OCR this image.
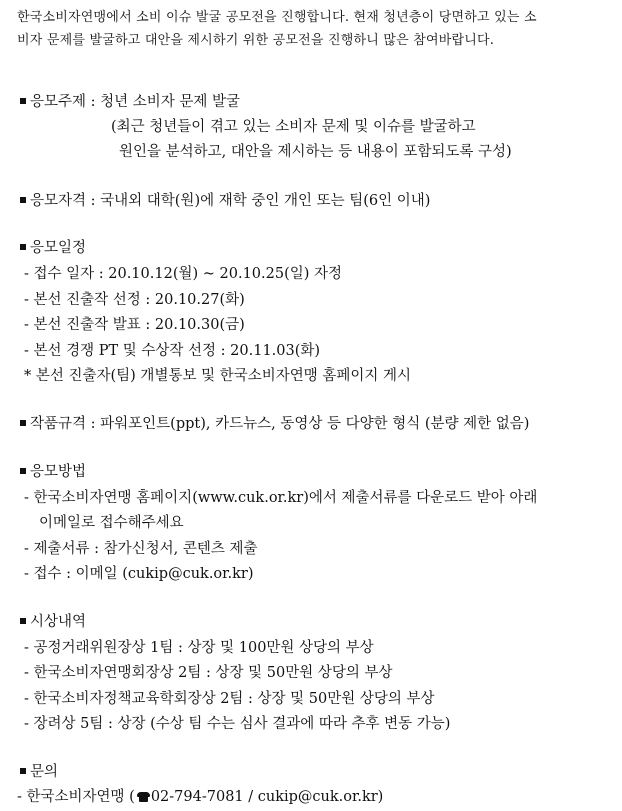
한국소비자연맹에서 소비 이슈 발굴 공모전을 진행합니다. 현재 청년층이 당면하고 있는 소
비자 문제를 발굴하고 대안을 제시하기 위한 공모전을 진행하니 많은 참여바랍니다.
응모주제 : 청년 소비자 문제 발굴
(최근 청년들이 겪고 있는 소비자 문제 및 이슈를 발굴하고
원인을 분석하고, 대안을 제시하는 등 내용이 포함되도록 구성)
응모자격 : 국내외 대학(원)에 재학 중인 개인 또는 팀(6인 이내)
응모일정
- 접수 일자 : 20.10.12(월) ~ 20.10.25(일) 자정
- 본선 진출작 선정 : 20.10.27(화)
- 본선 진출작 발표 : 20.10.30(금)
- 본선 경쟁 PT 및 수상작 선정 : 20.11.03(화)
* 본선 진출자(팀) 개별통보 및 한국소비자연맹 홈페이지 게시
작품규격 : 파워포인트(ppt), 카드뉴스, 동영상 등 다양한 형식 (분량 제한 없음)
응모방법
- 한국소비자연맹 홈페이지(www.cuk.or.kr)에서 제출서류를 다운로드 받아 아래
이메일로 접수해주세요
- 제출서류 : 참가신청서, 콘텐츠 제출
- 접수 : 이메일 (cukip@cuk.or.kr)
시상내역
- 공정거래위원장상 1팀 : 상장 및 100만원 상당의 부상
- 한국소비자연맹회장상 2팀 : 상장 및 50만원 상당의 부상
- 한국소비자정책교육학회장상 2팀 : 상장 및 50만원 상당의 부상
- 장려상 5팀 : 상장 (수상 팀 수는 심사 결과에 따라 추후 변동 가능)
문의
- 한국소비자연맹 ( 02-794-7081 / cukip@cuk.or.kr)
